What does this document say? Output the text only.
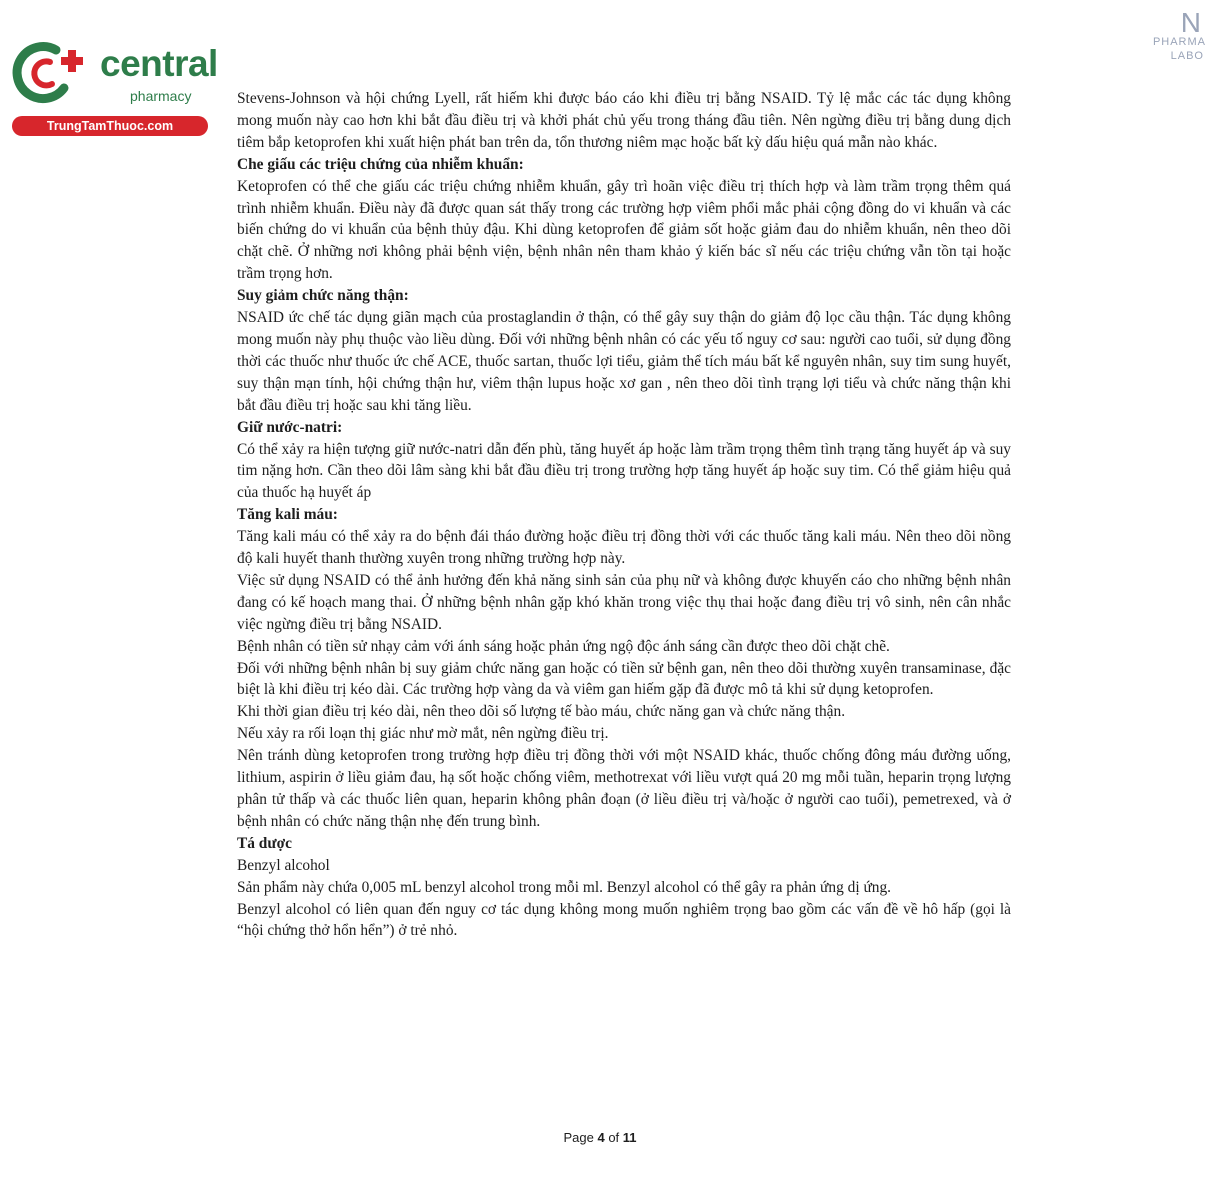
central
pharmacy
TrungTamThuoc.com
N
PHARMA
LABO

Stevens-Johnson và hội chứng Lyell, rất hiếm khi được báo cáo khi điều trị bằng NSAID. Tỷ lệ mắc các tác dụng không mong muốn này cao hơn khi bắt đầu điều trị và khởi phát chủ yếu trong tháng đầu tiên. Nên ngừng điều trị bằng dung dịch tiêm bắp ketoprofen khi xuất hiện phát ban trên da, tổn thương niêm mạc hoặc bất kỳ dấu hiệu quá mẫn nào khác.

Che giấu các triệu chứng của nhiễm khuẩn:

Ketoprofen có thể che giấu các triệu chứng nhiễm khuẩn, gây trì hoãn việc điều trị thích hợp và làm trầm trọng thêm quá trình nhiễm khuẩn. Điều này đã được quan sát thấy trong các trường hợp viêm phổi mắc phải cộng đồng do vi khuẩn và các biến chứng do vi khuẩn của bệnh thủy đậu. Khi dùng ketoprofen để giảm sốt hoặc giảm đau do nhiễm khuẩn, nên theo dõi chặt chẽ. Ở những nơi không phải bệnh viện, bệnh nhân nên tham khảo ý kiến bác sĩ nếu các triệu chứng vẫn tồn tại hoặc trầm trọng hơn.

Suy giảm chức năng thận:

NSAID ức chế tác dụng giãn mạch của prostaglandin ở thận, có thể gây suy thận do giảm độ lọc cầu thận. Tác dụng không mong muốn này phụ thuộc vào liều dùng. Đối với những bệnh nhân có các yếu tố nguy cơ sau: người cao tuổi, sử dụng đồng thời các thuốc như thuốc ức chế ACE, thuốc sartan, thuốc lợi tiểu, giảm thể tích máu bất kể nguyên nhân, suy tim sung huyết, suy thận mạn tính, hội chứng thận hư, viêm thận lupus hoặc xơ gan , nên theo dõi tình trạng lợi tiểu và chức năng thận khi bắt đầu điều trị hoặc sau khi tăng liều.

Giữ nước-natri:

Có thể xảy ra hiện tượng giữ nước-natri dẫn đến phù, tăng huyết áp hoặc làm trầm trọng thêm tình trạng tăng huyết áp và suy tim nặng hơn. Cần theo dõi lâm sàng khi bắt đầu điều trị trong trường hợp tăng huyết áp hoặc suy tim. Có thể giảm hiệu quả của thuốc hạ huyết áp

Tăng kali máu:

Tăng kali máu có thể xảy ra do bệnh đái tháo đường hoặc điều trị đồng thời với các thuốc tăng kali máu. Nên theo dõi nồng độ kali huyết thanh thường xuyên trong những trường hợp này.

Việc sử dụng NSAID có thể ảnh hưởng đến khả năng sinh sản của phụ nữ và không được khuyến cáo cho những bệnh nhân đang có kế hoạch mang thai. Ở những bệnh nhân gặp khó khăn trong việc thụ thai hoặc đang điều trị vô sinh, nên cân nhắc việc ngừng điều trị bằng NSAID.

Bệnh nhân có tiền sử nhạy cảm với ánh sáng hoặc phản ứng ngộ độc ánh sáng cần được theo dõi chặt chẽ.

Đối với những bệnh nhân bị suy giảm chức năng gan hoặc có tiền sử bệnh gan, nên theo dõi thường xuyên transaminase, đặc biệt là khi điều trị kéo dài. Các trường hợp vàng da và viêm gan hiếm gặp đã được mô tả khi sử dụng ketoprofen.

Khi thời gian điều trị kéo dài, nên theo dõi số lượng tế bào máu, chức năng gan và chức năng thận.

Nếu xảy ra rối loạn thị giác như mờ mắt, nên ngừng điều trị.

Nên tránh dùng ketoprofen trong trường hợp điều trị đồng thời với một NSAID khác, thuốc chống đông máu đường uống, lithium, aspirin ở liều giảm đau, hạ sốt hoặc chống viêm, methotrexat với liều vượt quá 20 mg mỗi tuần, heparin trọng lượng phân tử thấp và các thuốc liên quan, heparin không phân đoạn (ở liều điều trị và/hoặc ở người cao tuổi), pemetrexed, và ở bệnh nhân có chức năng thận nhẹ đến trung bình.

Tá dược

Benzyl alcohol

Sản phẩm này chứa 0,005 mL benzyl alcohol trong mỗi ml. Benzyl alcohol có thể gây ra phản ứng dị ứng.

Benzyl alcohol có liên quan đến nguy cơ tác dụng không mong muốn nghiêm trọng bao gồm các vấn đề về hô hấp (gọi là “hội chứng thở hổn hển”) ở trẻ nhỏ.

Page 4 of 11
